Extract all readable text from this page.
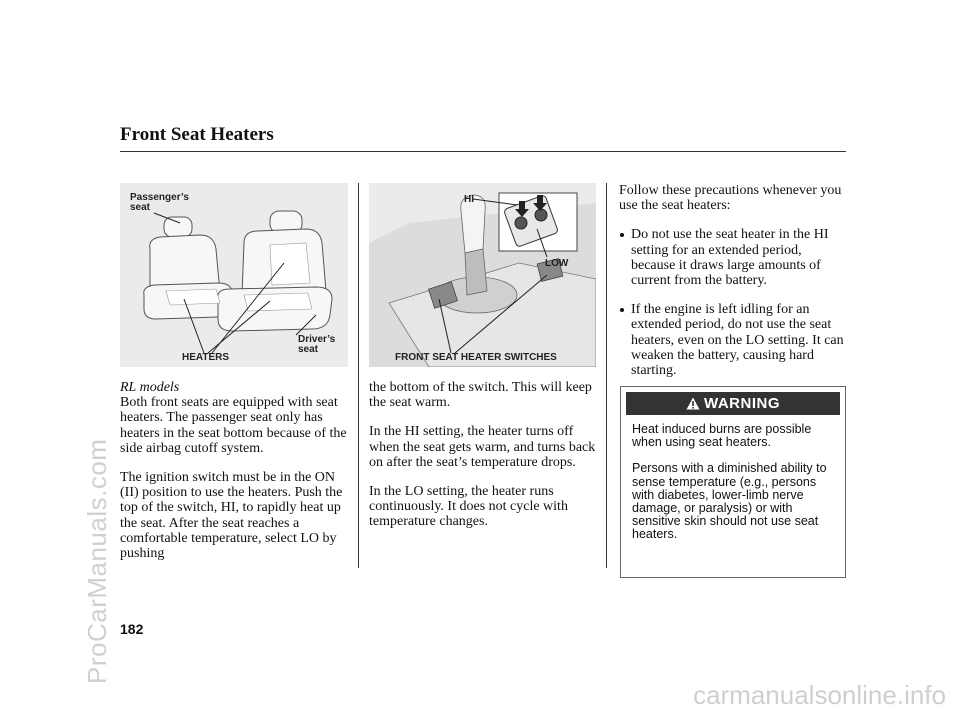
ProCarManuals.com
carmanualsonline.info
Front Seat Heaters
Passenger’s
seat
HEATERS
Driver’s
seat
HI
LOW
FRONT SEAT HEATER SWITCHES

RL models

Both front seats are equipped with seat heaters. The passenger seat only has heaters in the seat bottom because of the side airbag cutoff system.

The ignition switch must be in the ON (II) position to use the heaters. Push the top of the switch, HI, to rapidly heat up the seat. After the seat reaches a comfortable temperature, select LO by pushing

the bottom of the switch. This will keep the seat warm.

In the HI setting, the heater turns off when the seat gets warm, and turns back on after the seat’s temperature drops.

In the LO setting, the heater runs continuously. It does not cycle with temperature changes.

Follow these precautions whenever you use the seat heaters:

Do not use the seat heater in the HI setting for an extended period, because it draws large amounts of current from the battery.
If the engine is left idling for an extended period, do not use the seat heaters, even on the LO setting. It can weaken the battery, causing hard starting.
WARNING

Heat induced burns are possible when using seat heaters.

Persons with a diminished ability to sense temperature (e.g., persons with diabetes, lower-limb nerve damage, or paralysis) or with sensitive skin should not use seat heaters.

182
